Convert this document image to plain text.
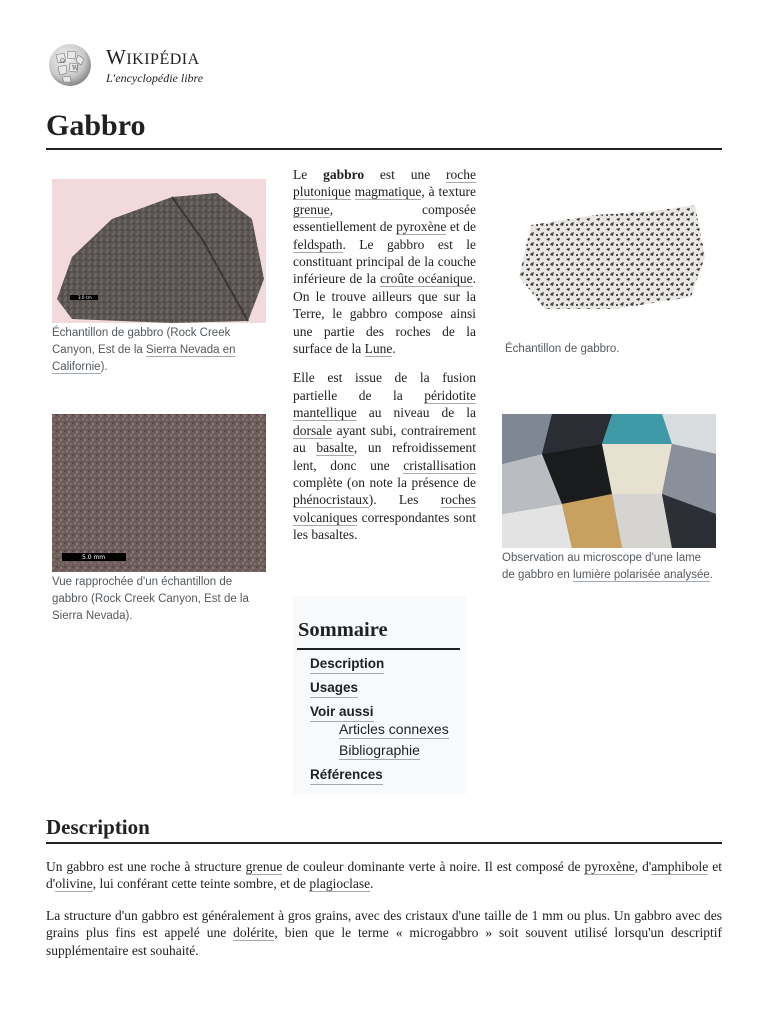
Ω
W WIKIPÉDIA
L'encyclopédie libre
Gabbro
3.0 cm
Échantillon de gabbro (Rock Creek Canyon, Est de la Sierra Nevada en Californie).
Échantillon de gabbro.
5.0 mm
Vue rapprochée d'un échantillon de gabbro (Rock Creek Canyon, Est de la Sierra Nevada).
Observation au microscope d'une lame de gabbro en lumière polarisée analysée.

Le gabbro est une roche plutonique magmatique, à texture grenue, composée essentiellement de pyroxène et de feldspath. Le gabbro est le constituant principal de la couche inférieure de la croûte océanique. On le trouve ailleurs que sur la Terre, le gabbro compose ainsi une partie des roches de la surface de la Lune.

Elle est issue de la fusion partielle de la péridotite mantellique au niveau de la dorsale ayant subi, contrairement au basalte, un refroidissement lent, donc une cristallisation complète (on note la présence de phénocristaux). Les roches volcaniques correspondantes sont les basaltes.

Sommaire
Description
Usages
Voir aussi
Articles connexes
Bibliographie
Références
Description

Un gabbro est une roche à structure grenue de couleur dominante verte à noire. Il est composé de pyroxène, d'amphibole et d'olivine, lui conférant cette teinte sombre, et de plagioclase.

La structure d'un gabbro est généralement à gros grains, avec des cristaux d'une taille de 1 mm ou plus. Un gabbro avec des grains plus fins est appelé une dolérite, bien que le terme « microgabbro » soit souvent utilisé lorsqu'un descriptif supplémentaire est souhaité.
